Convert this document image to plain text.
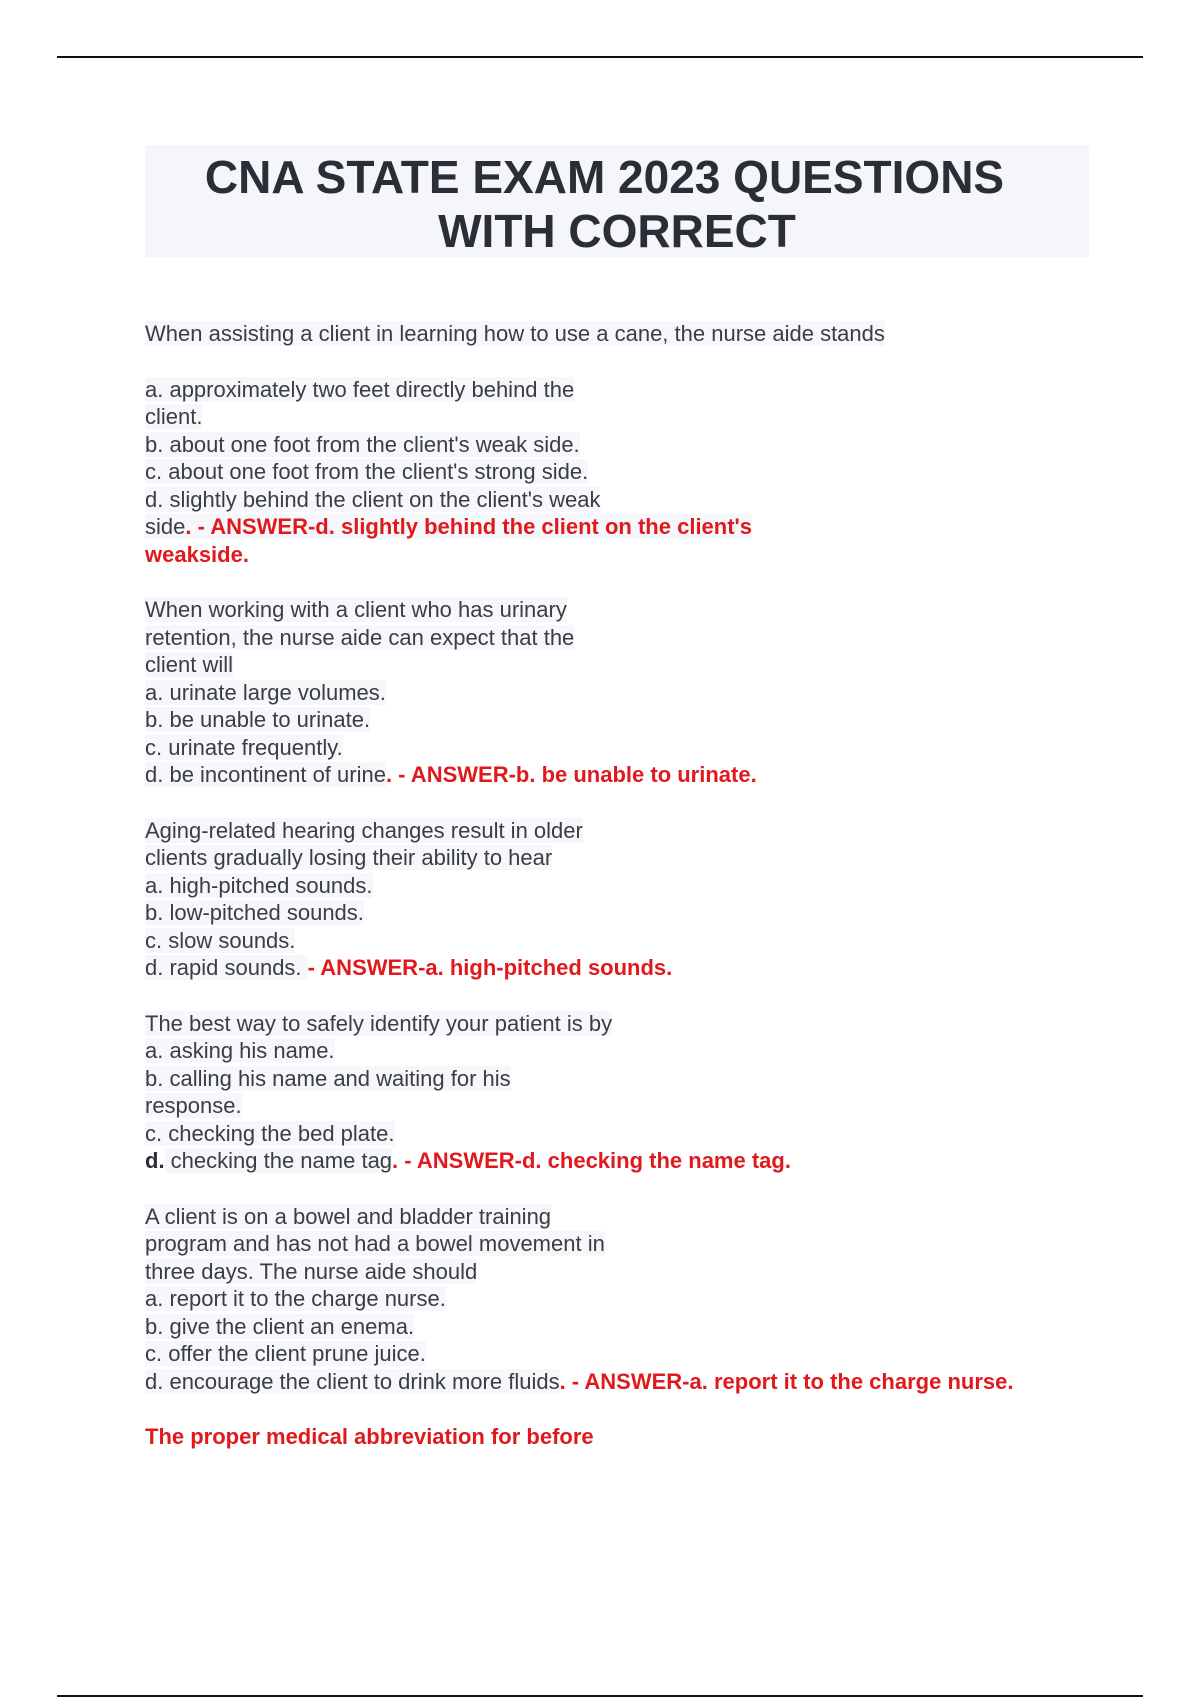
CNA STATE EXAM 2023 QUESTIONS
WITH CORRECT
When assisting a client in learning how to use a cane, the nurse aide stands
a. approximately two feet directly behind the
client.
b. about one foot from the client's weak side.
c. about one foot from the client's strong side.
d. slightly behind the client on the client's weak
side. - ANSWER-d. slightly behind the client on the client's
weakside.
When working with a client who has urinary
retention, the nurse aide can expect that the
client will
a. urinate large volumes.
b. be unable to urinate.
c. urinate frequently.
d. be incontinent of urine. - ANSWER-b. be unable to urinate.
Aging-related hearing changes result in older
clients gradually losing their ability to hear
a. high-pitched sounds.
b. low-pitched sounds.
c. slow sounds.
d. rapid sounds. - ANSWER-a. high-pitched sounds.
The best way to safely identify your patient is by
a. asking his name.
b. calling his name and waiting for his
response.
c. checking the bed plate.
d. checking the name tag. - ANSWER-d. checking the name tag.
A client is on a bowel and bladder training
program and has not had a bowel movement in
three days. The nurse aide should
a. report it to the charge nurse.
b. give the client an enema.
c. offer the client prune juice.
d. encourage the client to drink more fluids. - ANSWER-a. report it to the charge nurse.
The proper medical abbreviation for before
